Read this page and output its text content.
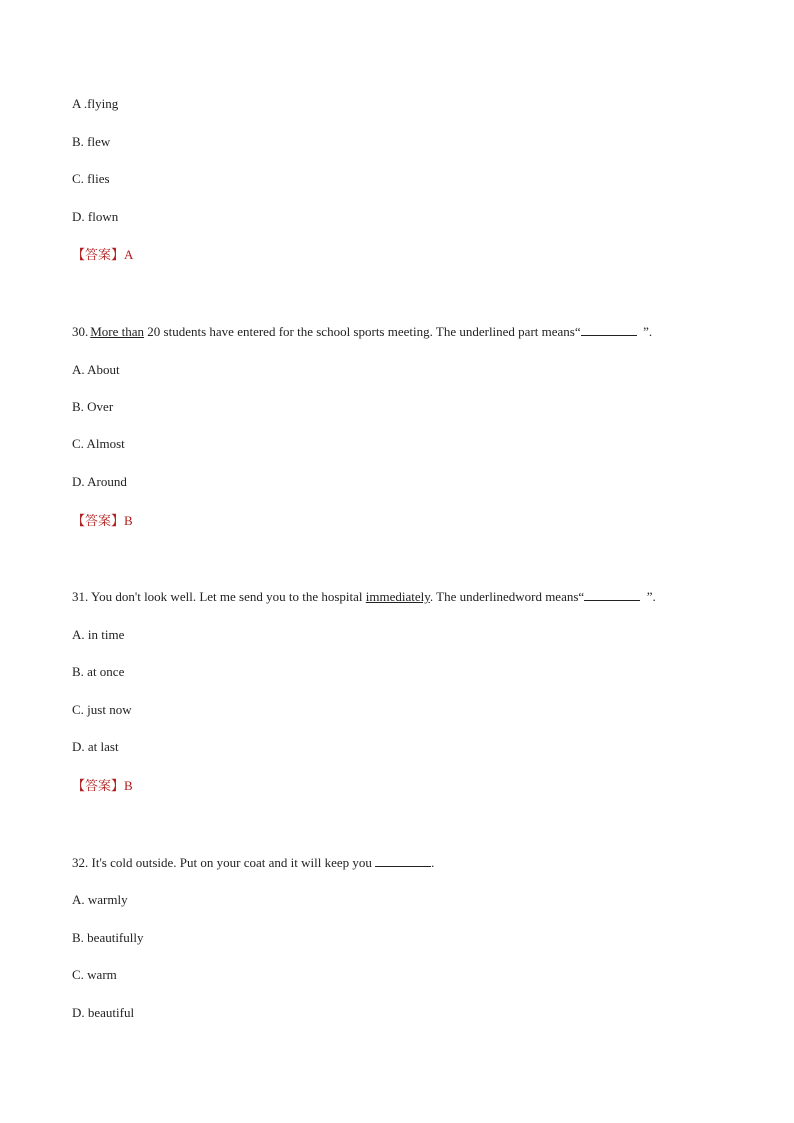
A .flying
B. flew
C. flies
D. flown
【答案】A
30. More than 20 students have entered for the school sports meeting. The underlined part means“	”.
A. About
B. Over
C. Almost
D. Around
【答案】B
31. You don't look well. Let me send you to the hospital immediately. The underlinedword means“	”.
A. in time
B. at once
C. just now
D. at last
【答案】B
32. It's cold outside. Put on your coat and it will keep you	.
A. warmly
B. beautifully
C. warm
D. beautiful
